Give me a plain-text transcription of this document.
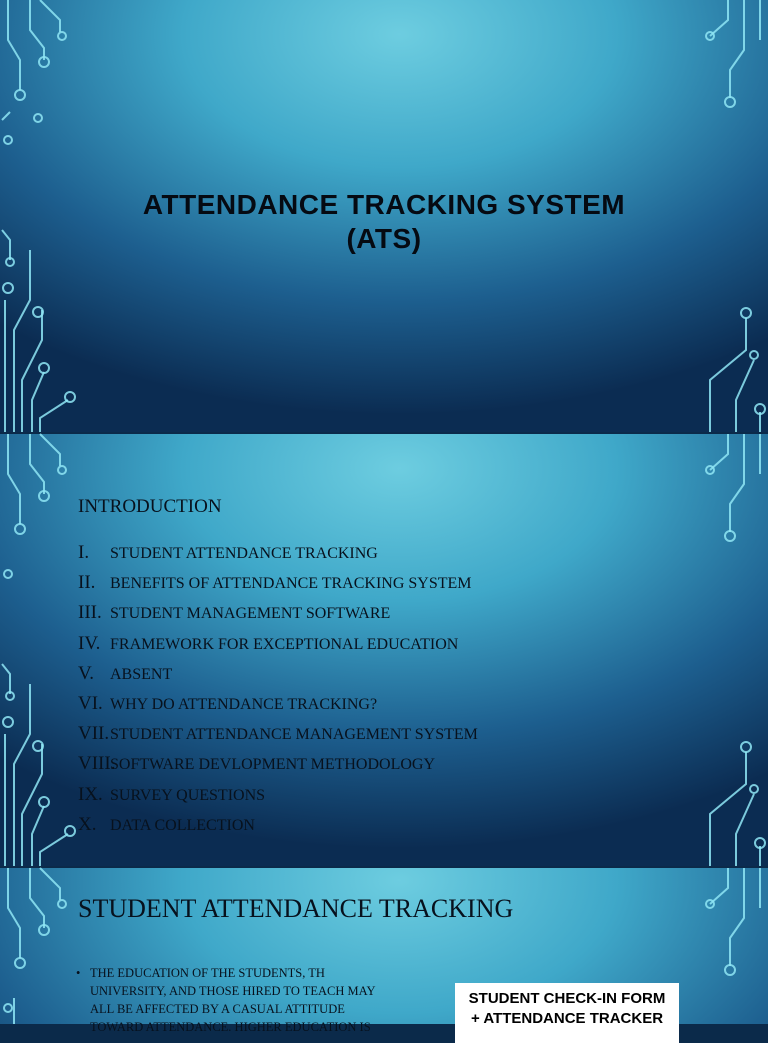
ATTENDANCE TRACKING SYSTEM
(ATS)
INTRODUCTION
I. STUDENT ATTENDANCE TRACKING
II. BENEFITS OF ATTENDANCE TRACKING SYSTEM
III. STUDENT MANAGEMENT SOFTWARE
IV. FRAMEWORK FOR EXCEPTIONAL EDUCATION
V. ABSENT
VI. WHY DO ATTENDANCE TRACKING?
VII. STUDENT ATTENDANCE MANAGEMENT SYSTEM
VIII.
SOFTWARE DEVLOPMENT METHODOLOGY
IX. SURVEY QUESTIONS
X. DATA COLLECTION
STUDENT ATTENDANCE TRACKING
• THE EDUCATION OF THE STUDENTS, TH UNIVERSITY, AND THOSE HIRED TO TEACH MAY ALL BE AFFECTED BY A CASUAL ATTITUDE TOWARD ATTENDANCE. HIGHER EDUCATION IS
STUDENT CHECK-IN FORM
+ ATTENDANCE TRACKER
